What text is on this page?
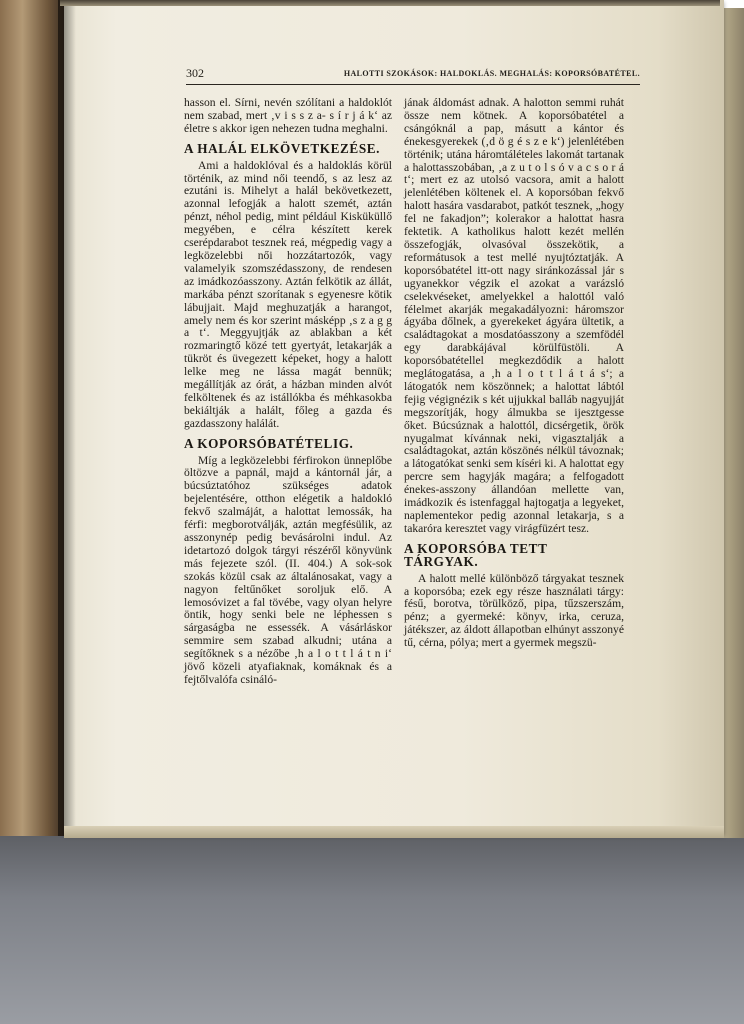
302	HALOTTI SZOKÁSOK: HALDOKLÁS. MEGHALÁS: KOPORSÓBATÉTEL.

hasson el. Sírni, nevén szólítani a haldoklót nem szabad, mert ‚v i s s z a- s í r j á k‘ az életre s akkor igen nehezen tudna meghalni.

A HALÁL ELKÖVETKEZÉSE.

Ami a haldoklóval és a haldoklás körül történik, az mind női teendő, s az lesz az ezutáni is. Mihelyt a halál bekövetkezett, azonnal lefogják a halott szemét, aztán pénzt, néhol pedig, mint például Kisküküllő megyében, e célra készített kerek cserépdarabot tesznek reá, mégpedig vagy a legközelebbi női hozzátartozók, vagy valamelyik szomszédasszony, de rendesen az imádkozóasszony. Aztán felkötik az állát, markába pénzt szorítanak s egyenesre kötik lábujjait. Majd meghuzatják a harangot, amely nem és kor szerint másképp ‚s z a g g a t‘. Meggyujtják az ablakban a két rozmaringtő közé tett gyertyát, letakarják a tükröt és üvegezett képeket, hogy a halott lelke meg ne lássa magát bennük; megállítják az órát, a házban minden alvót felköltenek és az istállókba és méhkasokba bekiáltják a halált, főleg a gazda és gazdasszony halálát.

A KOPORSÓBATÉTELIG.

Míg a legközelebbi férfirokon ünneplőbe öltözve a papnál, majd a kántornál jár, a búcsúztatóhoz szükséges adatok bejelentésére, otthon elégetik a haldokló fekvő szalmáját, a halottat lemossák, ha férfi: megborotválják, aztán megfésülik, az asszonynép pedig bevásárolni indul. Az idetartozó dolgok tárgyi részéről könyvünk más fejezete szól. (II. 404.) A sok-sok szokás közül csak az általánosakat, vagy a nagyon feltűnőket soroljuk elő. A lemosóvizet a fal tövébe, vagy olyan helyre öntik, hogy senki bele ne léphessen s sárgaságba ne essessék. A vásárláskor semmire sem szabad alkudni; utána a segítőknek s a nézőbe ‚h a l o t t l á t n i‘ jövő közeli atyafiaknak, komáknak és a fejtőlvalófa csináló-

jának áldomást adnak. A halotton semmi ruhát össze nem kötnek. A koporsóbatétel a csángóknál a pap, másutt a kántor és énekesgyerekek (‚d ö g é s z e k‘) jelenlétében történik; utána háromtálételes lakomát tartanak a halottasszobában, ‚a z u t o l s ó v a c s o r á t‘; mert ez az utolsó vacsora, amit a halott jelenlétében költenek el. A koporsóban fekvő halott hasára vasdarabot, patkót tesznek, „hogy fel ne fakadjon”; kolerakor a halottat hasra fektetik. A katholikus halott kezét mellén összefogják, olvasóval összekötik, a reformátusok a test mellé nyujtóztatják. A koporsóbatétel itt-ott nagy siránkozással jár s ugyanekkor végzik el azokat a varázsló cselekvéseket, amelyekkel a halottól való félelmet akarják megakadályozni: háromszor ágyába dőlnek, a gyerekeket ágyára ültetik, a családtagokat a mosdatóasszony a szemfödél egy darabkájával körülfüstöli. A koporsóbatétellel megkezdődik a halott meglátogatása, a ‚h a l o t t l á t á s‘; a látogatók nem köszönnek; a halottat lábtól fejig végignézik s két ujjukkal balláb nagyujját megszorítják, hogy álmukba se ijesztgesse őket. Búcsúznak a halottól, dicsérgetik, örök nyugalmat kívánnak neki, vigasztalják a családtagokat, aztán köszönés nélkül távoznak; a látogatókat senki sem kíséri ki. A halottat egy percre sem hagyják magára; a felfogadott énekes-asszony állandóan mellette van, imádkozik és istenfaggal hajtogatja a legyeket, naplementekor pedig azonnal letakarja, s a takaróra keresztet vagy virágfüzért tesz.

A KOPORSÓBA TETT TÁRGYAK.

A halott mellé különböző tárgyakat tesznek a koporsóba; ezek egy része használati tárgy: fésű, borotva, törülköző, pipa, tűzszerszám, pénz; a gyermeké: könyv, irka, ceruza, játékszer, az áldott állapotban elhúnyt asszonyé tű, cérna, pólya; mert a gyermek megszü-
